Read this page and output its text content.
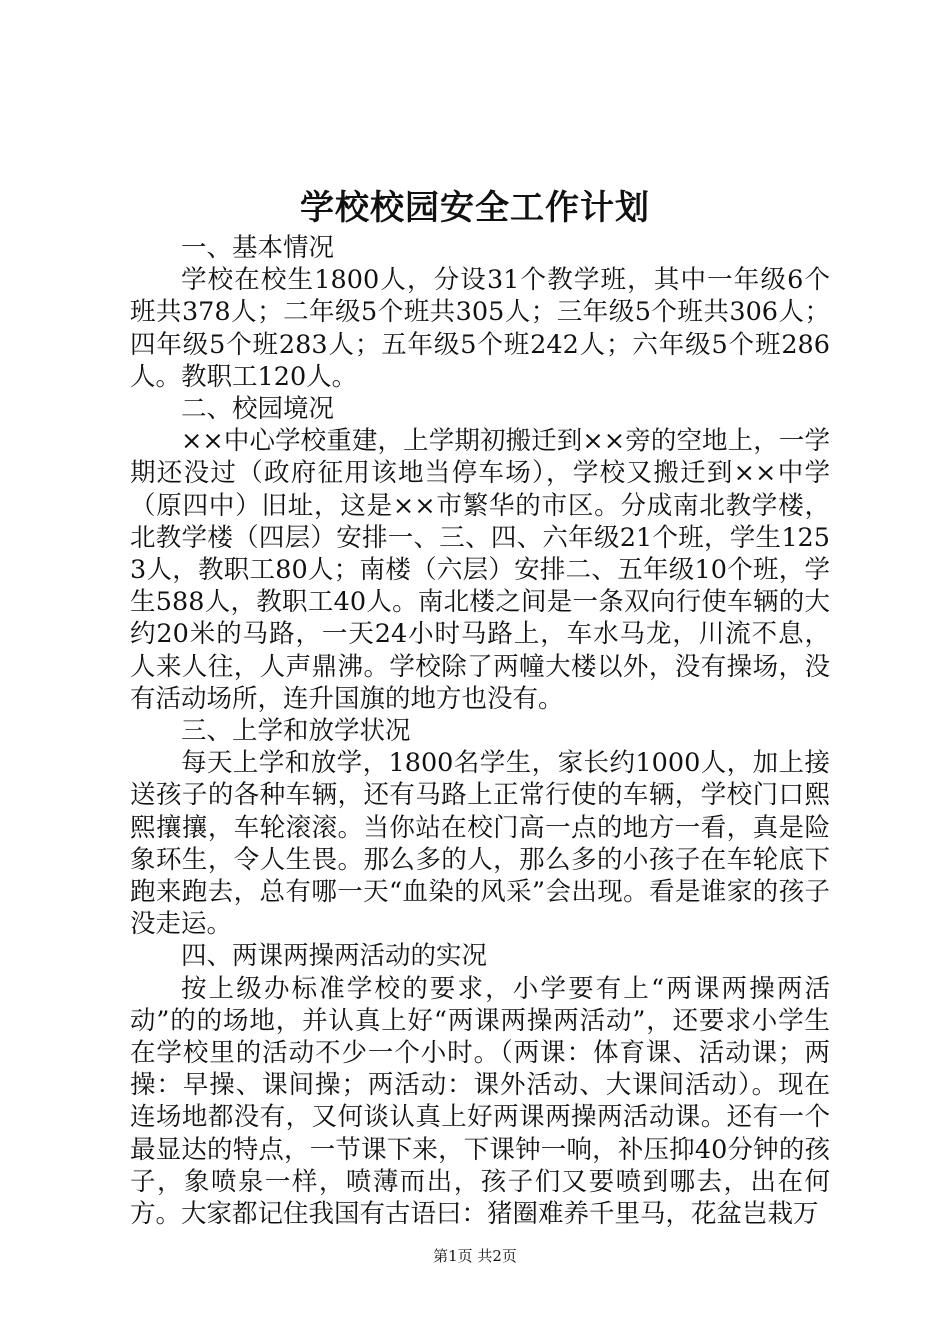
学校校园安全工作计划

一、基本情况

学校在校生1800人，分设31个教学班，其中一年级6个班共378人；二年级5个班共305人；三年级5个班共306人；四年级5个班283人；五年级5个班242人；六年级5个班286人。教职工120人。

二、校园境况

××中心学校重建，上学期初搬迁到××旁的空地上，一学期还没过（政府征用该地当停车场），学校又搬迁到××中学（原四中）旧址，这是××市繁华的市区。分成南北教学楼，北教学楼（四层）安排一、三、四、六年级21个班，学生1253人，教职工80人；南楼（六层）安排二、五年级10个班，学生588人，教职工40人。南北楼之间是一条双向行使车辆的大约20米的马路，一天24小时马路上，车水马龙，川流不息，人来人往，人声鼎沸。学校除了两幢大楼以外，没有操场，没有活动场所，连升国旗的地方也没有。

三、上学和放学状况

每天上学和放学，1800名学生，家长约1000人，加上接送孩子的各种车辆，还有马路上正常行使的车辆，学校门口熙熙攘攘，车轮滚滚。当你站在校门高一点的地方一看，真是险象环生，令人生畏。那么多的人，那么多的小孩子在车轮底下跑来跑去，总有哪一天“血染的风采”会出现。看是谁家的孩子没走运。

四、两课两操两活动的实况

按上级办标准学校的要求，小学要有上“两课两操两活动”的的场地，并认真上好“两课两操两活动”，还要求小学生在学校里的活动不少一个小时。（两课：体育课、活动课；两操：早操、课间操；两活动：课外活动、大课间活动）。现在连场地都没有，又何谈认真上好两课两操两活动课。还有一个最显达的特点，一节课下来，下课钟一响，补压抑40分钟的孩子，象喷泉一样，喷薄而出，孩子们又要喷到哪去，出在何方。大家都记住我国有古语曰：猪圈难养千里马，花盆岂栽万

第1页 共2页
